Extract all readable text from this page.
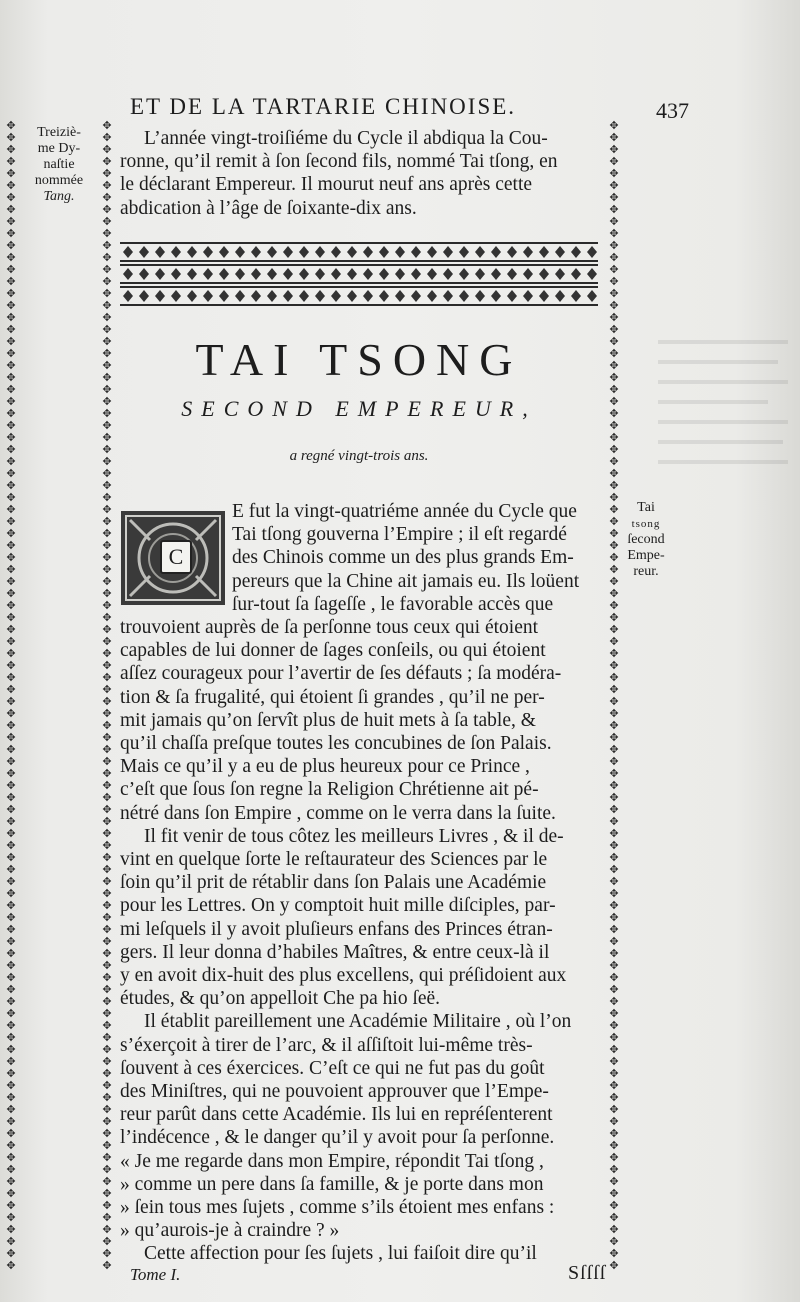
✥
✥
✥
✥
✥
✥
✥
✥
✥
✥
✥
✥
✥
✥
✥
✥
✥
✥
✥
✥
✥
✥
✥
✥
✥
✥
✥
✥
✥
✥
✥
✥
✥
✥
✥
✥
✥
✥
✥
✥
✥
✥
✥
✥
✥
✥
✥
✥
✥
✥
✥
✥
✥
✥
✥
✥
✥
✥
✥
✥
✥
✥
✥
✥
✥
✥
✥
✥
✥
✥
✥
✥
✥
✥
✥
✥
✥
✥
✥
✥
✥
✥
✥
✥
✥
✥
✥
✥
✥
✥
✥
✥
✥
✥
✥
✥
✥
✥
✥
✥
✥
✥
✥
✥
✥
✥
✥
✥
✥
✥
✥
✥
✥
✥
✥
✥
✥
✥
✥
✥
✥
✥
✥
✥
✥
✥
✥
✥
✥
✥
✥
✥
✥
✥
✥
✥
✥
✥
✥
✥
✥
✥
✥
✥
✥
✥
✥
✥
✥
✥
✥
✥
✥
✥
✥
✥
✥
✥
✥
✥
✥
✥
✥
✥
✥
✥
✥
✥
✥
✥
✥
✥
✥
✥
✥
✥
✥
✥
✥
✥
✥
✥
✥
✥
✥
✥
✥
✥
✥
✥
✥
✥
✥
✥
✥
✥
✥
✥
✥
✥
✥
✥
✥
✥
✥
✥
✥
✥
✥
✥
✥
✥
✥
✥
✥
✥
✥
✥
✥
✥
✥
✥
✥
✥
✥
✥
✥
✥
✥
✥
✥
✥
✥
✥
✥
✥
✥
✥
✥
✥
✥
✥
✥
✥
✥
✥
✥
✥
✥
✥
✥
✥
✥
✥
✥
✥
✥
✥
✥
✥
✥
✥
✥
✥
✥
✥
✥
✥
✥
✥
✥
✥
✥
✥
✥
✥
✥
✥
✥
✥
✥
✥
✥
✥
✥
✥
✥
✥
ET DE LA TARTARIE CHINOISE.	437
Treiziè-
me Dy-
naſtie
nommée
Tang.
Tai
tsong
ſecond
Empe-
reur.
L’année vingt-troiſiéme du Cycle il abdiqua la Cou-
ronne, qu’il remit à ſon ſecond fils, nommé Tai tſong, en
le déclarant Empereur. Il mourut neuf ans après cette
abdication à l’âge de ſoixante-dix ans.
TAI TSONG
SECOND EMPEREUR,
a regné vingt-trois ans.
C
E fut la vingt-quatriéme année du Cycle que
Tai tſong gouverna l’Empire ; il eſt regardé
des Chinois comme un des plus grands Em-
pereurs que la Chine ait jamais eu. Ils loüent
ſur-tout ſa ſageſſe , le favorable accès que
trouvoient auprès de ſa perſonne tous ceux qui étoient
capables de lui donner de ſages conſeils, ou qui étoient
aſſez courageux pour l’avertir de ſes défauts ; ſa modéra-
tion & ſa frugalité, qui étoient ſi grandes , qu’il ne per-
mit jamais qu’on ſervît plus de huit mets à ſa table, &
qu’il chaſſa preſque toutes les concubines de ſon Palais.
Mais ce qu’il y a eu de plus heureux pour ce Prince ,
c’eſt que ſous ſon regne la Religion Chrétienne ait pé-
nétré dans ſon Empire , comme on le verra dans la ſuite.
Il fit venir de tous côtez les meilleurs Livres , & il de-
vint en quelque ſorte le reſtaurateur des Sciences par le
ſoin qu’il prit de rétablir dans ſon Palais une Académie
pour les Lettres. On y comptoit huit mille diſciples, par-
mi leſquels il y avoit pluſieurs enfans des Princes étran-
gers. Il leur donna d’habiles Maîtres, & entre ceux-là il
y en avoit dix-huit des plus excellens, qui préſidoient aux
études, & qu’on appelloit Che pa hio ſeë.
Il établit pareillement une Académie Militaire , où l’on
s’éxerçoit à tirer de l’arc, & il aſſiſtoit lui-même très-
ſouvent à ces éxercices. C’eſt ce qui ne fut pas du goût
des Miniſtres, qui ne pouvoient approuver que l’Empe-
reur parût dans cette Académie. Ils lui en repréſenterent
l’indécence , & le danger qu’il y avoit pour ſa perſonne.
« Je me regarde dans mon Empire, répondit Tai tſong ,
» comme un pere dans ſa famille, & je porte dans mon
» ſein tous mes ſujets , comme s’ils étoient mes enfans :
» qu’aurois-je à craindre ? »
Cette affection pour ſes ſujets , lui faiſoit dire qu’il
Tome I.	Sſſſſ
